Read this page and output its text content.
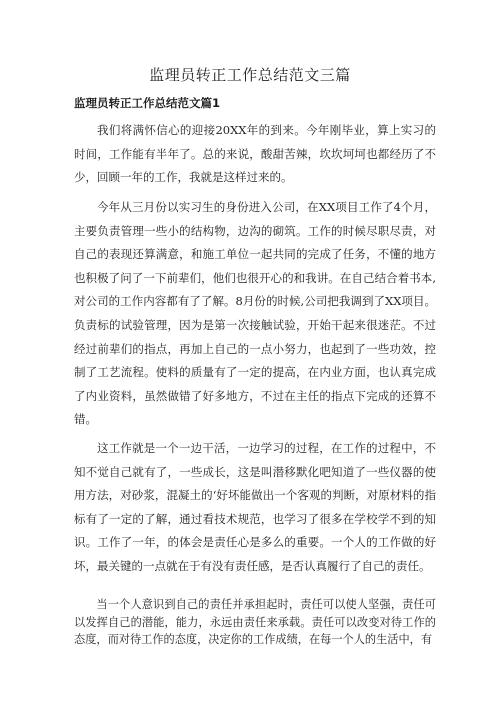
监理员转正工作总结范文三篇
监理员转正工作总结范文篇1

我们将满怀信心的迎接20XX年的到来。今年刚毕业，算上实习的时间，工作能有半年了。总的来说，酸甜苦辣，坎坎坷坷也都经历了不少，回顾一年的工作，我就是这样过来的。

今年从三月份以实习生的身份进入公司，在XX项目工作了4个月，主要负责管理一些小的结构物，边沟的砌筑。工作的时候尽职尽责，对自己的表现还算满意，和施工单位一起共同的完成了任务，不懂的地方也积极了问了一下前辈们，他们也很开心的和我讲。在自己结合着书本,对公司的工作内容都有了了解。8月份的时候,公司把我调到了XX项目。负责标的试验管理，因为是第一次接触试验，开始干起来很迷茫。不过经过前辈们的指点，再加上自己的一点小努力，也起到了一些功效，控制了工艺流程。使料的质量有了一定的提高，在内业方面，也认真完成了内业资料，虽然做错了好多地方，不过在主任的指点下完成的还算不错。

这工作就是一个一边干活，一边学习的过程，在工作的过程中，不知不觉自己就有了，一些成长，这是叫潜移默化吧知道了一些仪器的使用方法，对砂浆，混凝土的‘好坏能做出一个客观的判断，对原材料的指标有了一定的了解，通过看技术规范，也学习了很多在学校学不到的知识。工作了一年，的体会是责任心是多么的重要。一个人的工作做的好坏，最关键的一点就在于有没有责任感，是否认真履行了自己的责任。

当一个人意识到自己的责任并承担起时，责任可以使人坚强，责任可以发挥自己的潜能，能力，永远由责任来承载。责任可以改变对待工作的态度，而对待工作的态度，决定你的工作成绩，在每一个人的生活中，有
